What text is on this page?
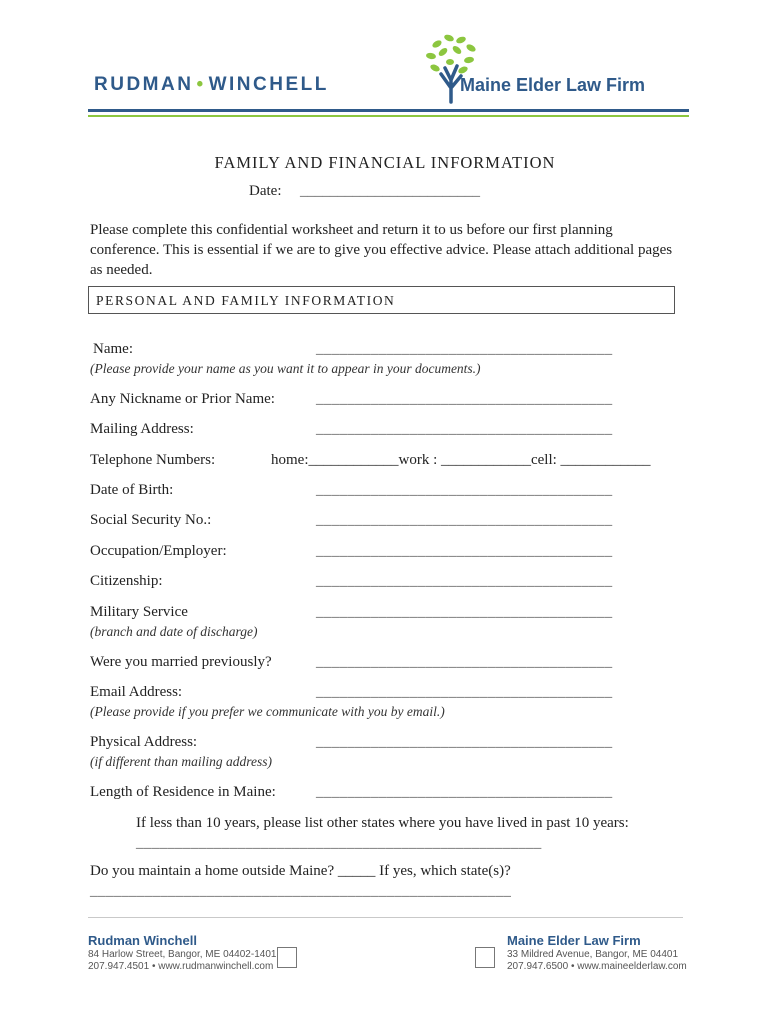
RUDMAN • WINCHELL	Maine Elder Law Firm
FAMILY AND FINANCIAL INFORMATION
Date: ________________________
Please complete this confidential worksheet and return it to us before our first planning conference. This is essential if we are to give you effective advice. Please attach additional pages as needed.
PERSONAL AND FAMILY INFORMATION
Name:	______________________________________
(Please provide your name as you want it to appear in your documents.)
Any Nickname or Prior Name:	______________________________________
Mailing Address:	______________________________________
Telephone Numbers:	home:____________work : ____________cell: ____________
Date of Birth:	______________________________________
Social Security No.:	______________________________________
Occupation/Employer:	______________________________________
Citizenship:	______________________________________
Military Service	______________________________________
(branch and date of discharge)
Were you married previously?	______________________________________
Email Address:	______________________________________
(Please provide if you prefer we communicate with you by email.)
Physical Address:	______________________________________
(if different than mailing address)
Length of Residence in Maine:	______________________________________
If less than 10 years, please list other states where you have lived in past 10 years:
____________________________________________________
Do you maintain a home outside Maine? _____ If yes, which state(s)?
______________________________________________________
Rudman Winchell
84 Harlow Street, Bangor, ME 04402-1401
207.947.4501 • www.rudmanwinchell.com
Maine Elder Law Firm
33 Mildred Avenue, Bangor, ME 04401
207.947.6500 • www.maineelderlaw.com
